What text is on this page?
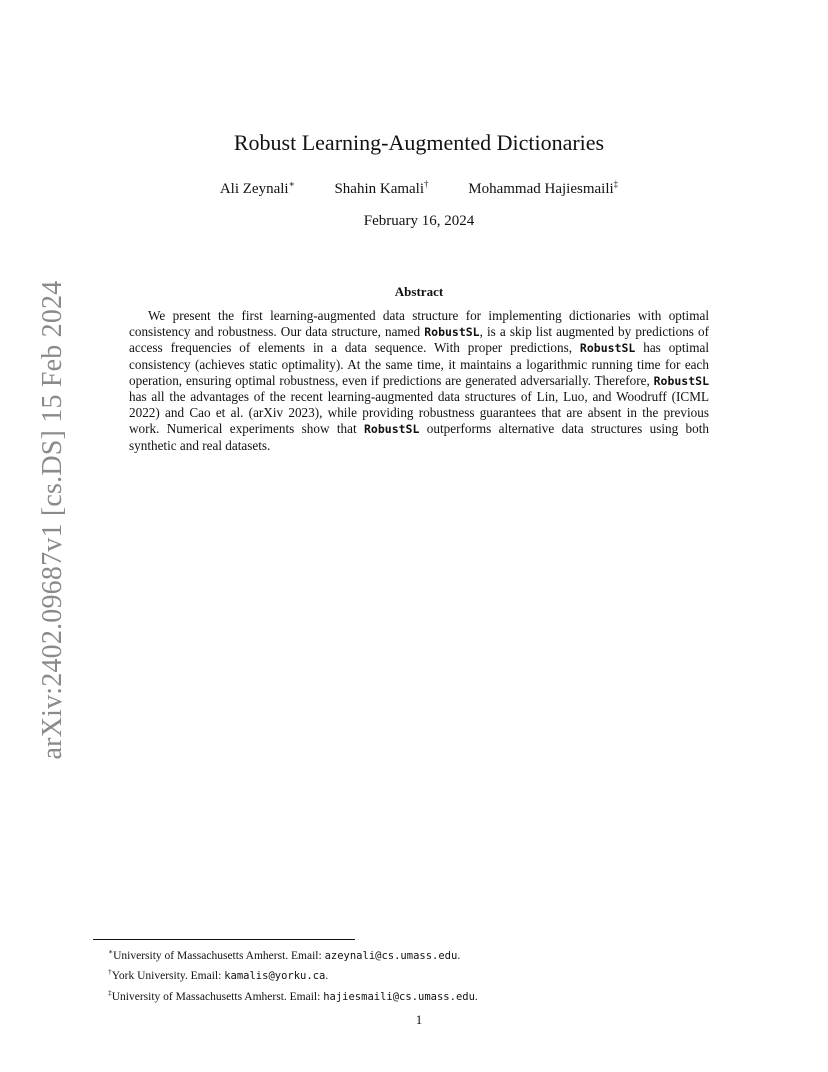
arXiv:2402.09687v1 [cs.DS] 15 Feb 2024
Robust Learning-Augmented Dictionaries
Ali Zeynali∗	Shahin Kamali†	Mohammad Hajiesmaili‡
February 16, 2024
Abstract

We present the first learning-augmented data structure for implementing dictionaries with optimal consistency and robustness. Our data structure, named RobustSL, is a skip list augmented by predictions of access frequencies of elements in a data sequence. With proper predictions, RobustSL has optimal consistency (achieves static optimality). At the same time, it maintains a logarithmic running time for each operation, ensuring optimal robustness, even if predictions are generated adversarially. Therefore, RobustSL has all the advantages of the recent learning-augmented data structures of Lin, Luo, and Woodruff (ICML 2022) and Cao et al. (arXiv 2023), while providing robustness guarantees that are absent in the previous work. Numerical experiments show that RobustSL outperforms alternative data structures using both synthetic and real datasets.

∗University of Massachusetts Amherst. Email: azeynali@cs.umass.edu.
†York University. Email: kamalis@yorku.ca.
‡University of Massachusetts Amherst. Email: hajiesmaili@cs.umass.edu.
1
